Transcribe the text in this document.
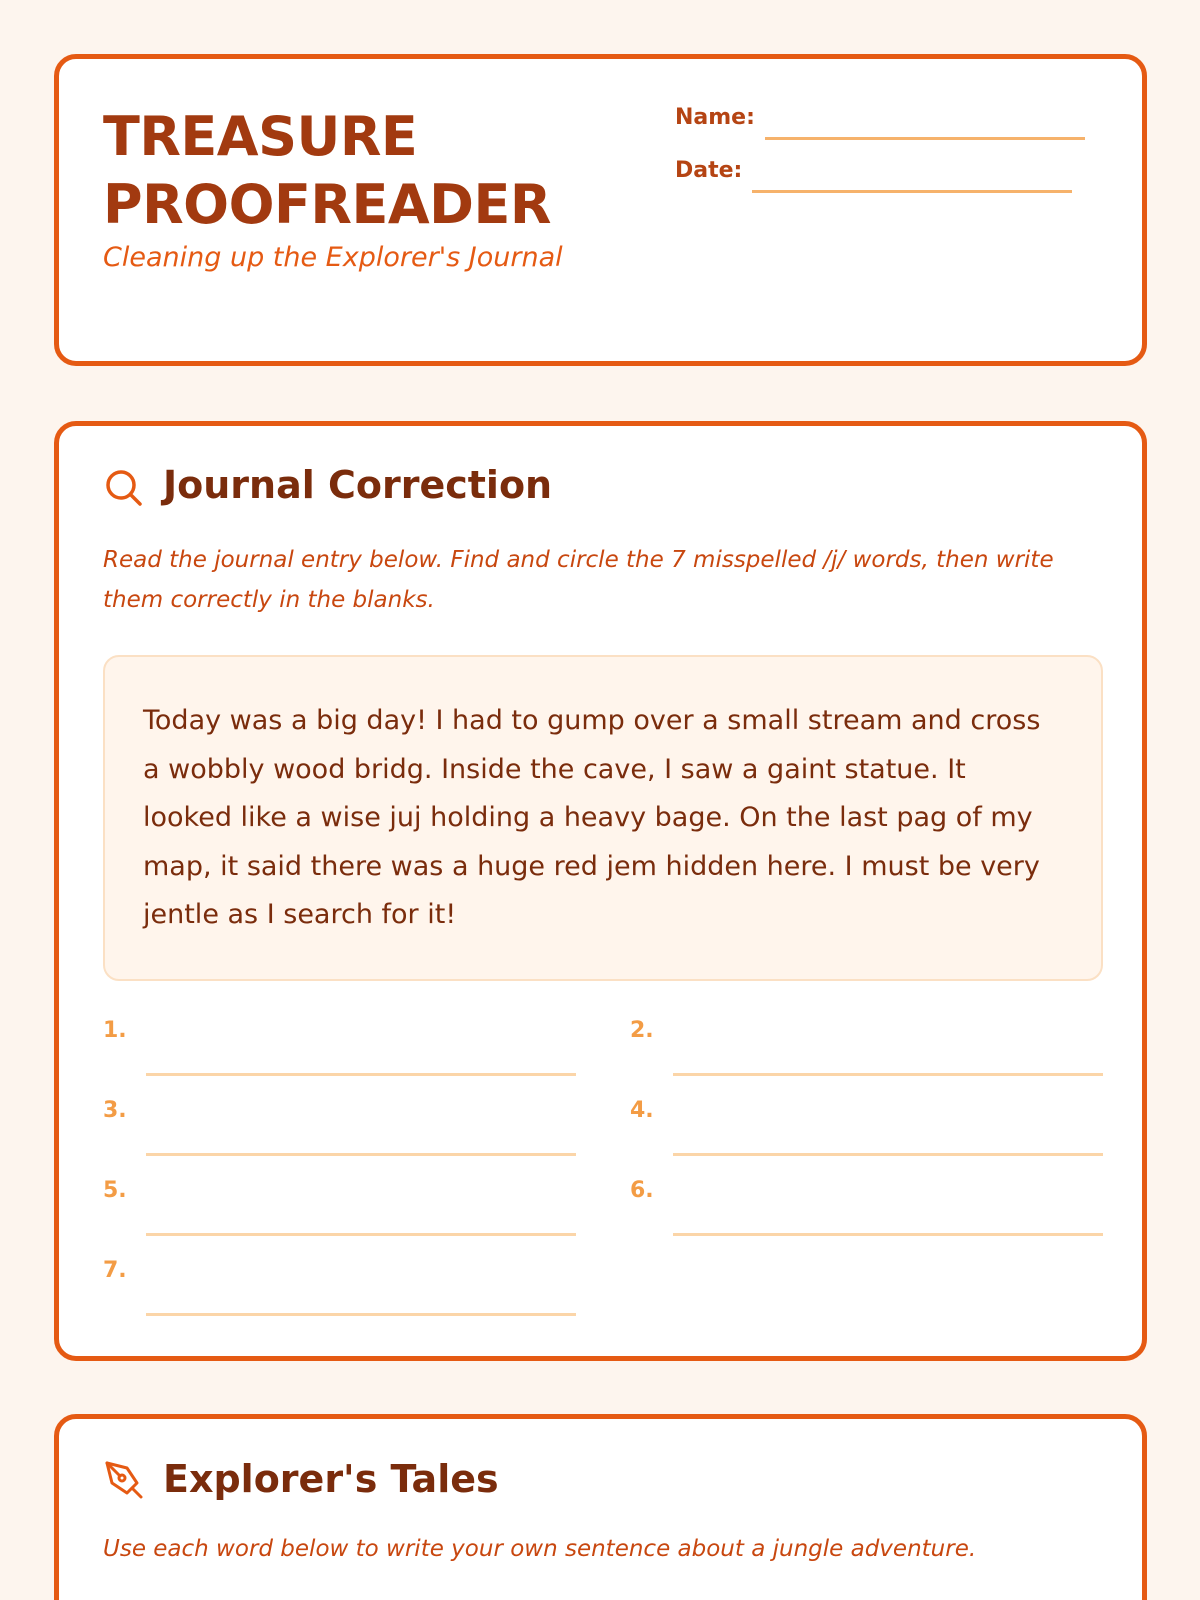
TREASURE
PROOFREADER
Cleaning up the Explorer's Journal
Name:
Date:
Journal Correction
Read the journal entry below. Find and circle the 7 misspelled /j/ words, then write them correctly in the blanks.
Today was a big day! I had to gump over a small stream and cross a wobbly wood bridg. Inside the cave, I saw a gaint statue. It looked like a wise juj holding a heavy bage. On the last pag of my map, it said there was a huge red jem hidden here. I must be very jentle as I search for it!
1.	2.
3.	4.
5.	6.
7.
Explorer's Tales
Use each word below to write your own sentence about a jungle adventure.
